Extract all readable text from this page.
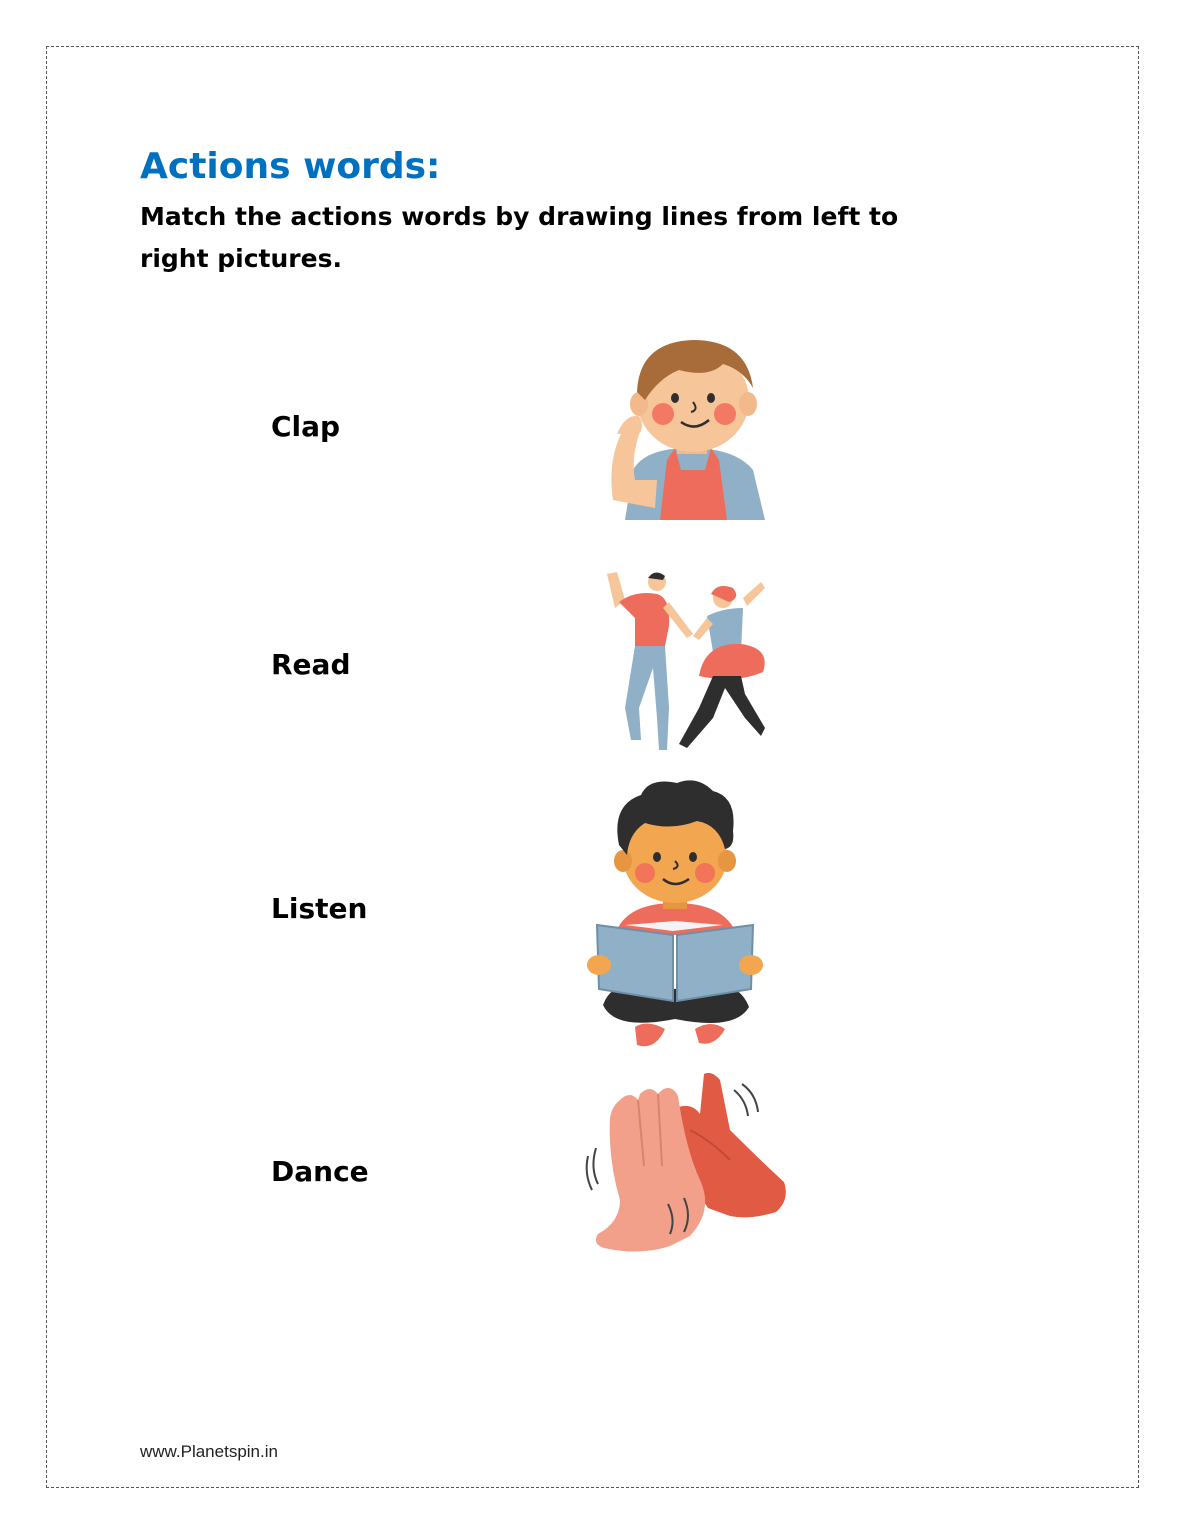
Actions words:

Match the actions words by drawing lines from left to right pictures.

Clap

Read

Listen

Dance

www.Planetspin.in
